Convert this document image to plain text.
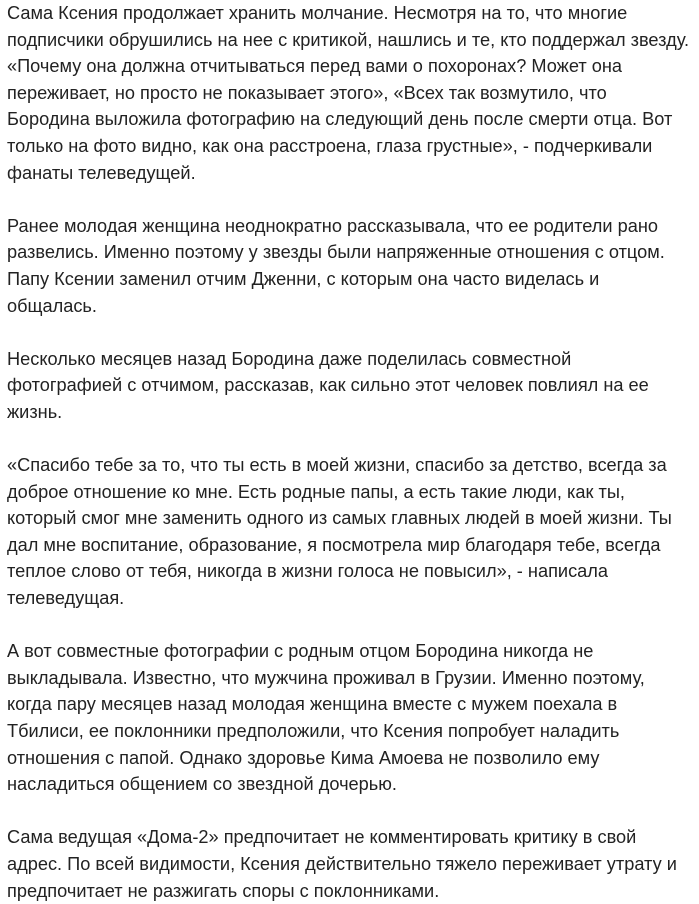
Сама Ксения продолжает хранить молчание. Несмотря на то, что многие подписчики обрушились на нее с критикой, нашлись и те, кто поддержал звезду. «Почему она должна отчитываться перед вами о похоронах? Может она переживает, но просто не показывает этого», «Всех так возмутило, что Бородина выложила фотографию на следующий день после смерти отца. Вот только на фото видно, как она расстроена, глаза грустные», - подчеркивали фанаты телеведущей.

Ранее молодая женщина неоднократно рассказывала, что ее родители рано развелись. Именно поэтому у звезды были напряженные отношения с отцом. Папу Ксении заменил отчим Дженни, с которым она часто виделась и общалась.

Несколько месяцев назад Бородина даже поделилась совместной фотографией с отчимом, рассказав, как сильно этот человек повлиял на ее жизнь.

«Спасибо тебе за то, что ты есть в моей жизни, спасибо за детство, всегда за доброе отношение ко мне. Есть родные папы, а есть такие люди, как ты, который смог мне заменить одного из самых главных людей в моей жизни. Ты дал мне воспитание, образование, я посмотрела мир благодаря тебе, всегда теплое слово от тебя, никогда в жизни голоса не повысил», - написала телеведущая.

А вот совместные фотографии с родным отцом Бородина никогда не выкладывала. Известно, что мужчина проживал в Грузии. Именно поэтому, когда пару месяцев назад молодая женщина вместе с мужем поехала в Тбилиси, ее поклонники предположили, что Ксения попробует наладить отношения с папой. Однако здоровье Кима Амоева не позволило ему насладиться общением со звездной дочерью.

Сама ведущая «Дома-2» предпочитает не комментировать критику в свой адрес. По всей видимости, Ксения действительно тяжело переживает утрату и предпочитает не разжигать споры с поклонниками.
